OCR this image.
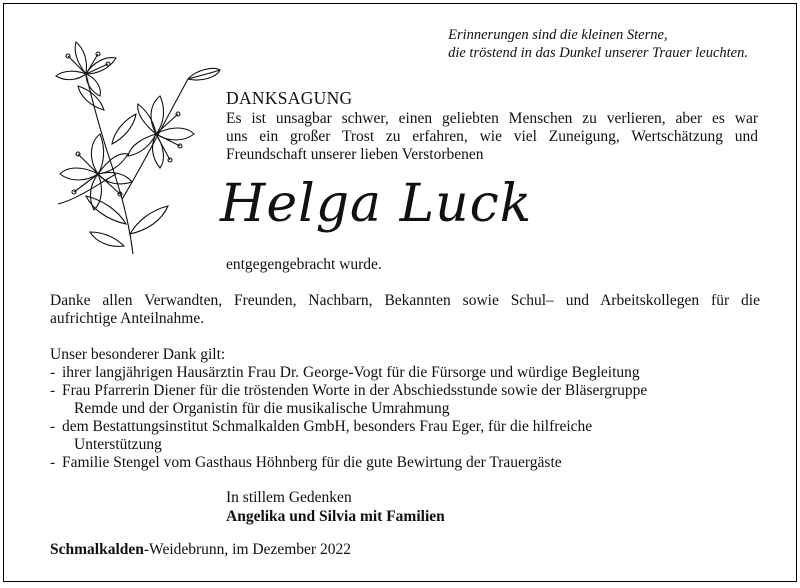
Erinnerungen sind die kleinen Sterne,
die tröstend in das Dunkel unserer Trauer leuchten.
DANKSAGUNG
Es ist unsagbar schwer, einen geliebten Menschen zu verlieren, aber es war
uns ein großer Trost zu erfahren, wie viel Zuneigung, Wertschätzung und
Freundschaft unserer lieben Verstorbenen
Helga Luck
entgegengebracht wurde.
Danke allen Verwandten, Freunden, Nachbarn, Bekannten sowie Schul– und Arbeitskollegen für die
aufrichtige Anteilnahme.
Unser besonderer Dank gilt:
- ihrer langjährigen Hausärztin Frau Dr. George-Vogt für die Fürsorge und würdige Begleitung
- Frau Pfarrerin Diener für die tröstenden Worte in der Abschiedsstunde sowie der Bläsergruppe
Remde und der Organistin für die musikalische Umrahmung
- dem Bestattungsinstitut Schmalkalden GmbH, besonders Frau Eger, für die hilfreiche
Unterstützung
- Familie Stengel vom Gasthaus Höhnberg für die gute Bewirtung der Trauergäste
In stillem Gedenken
Angelika und Silvia mit Familien
Schmalkalden-Weidebrunn, im Dezember 2022
